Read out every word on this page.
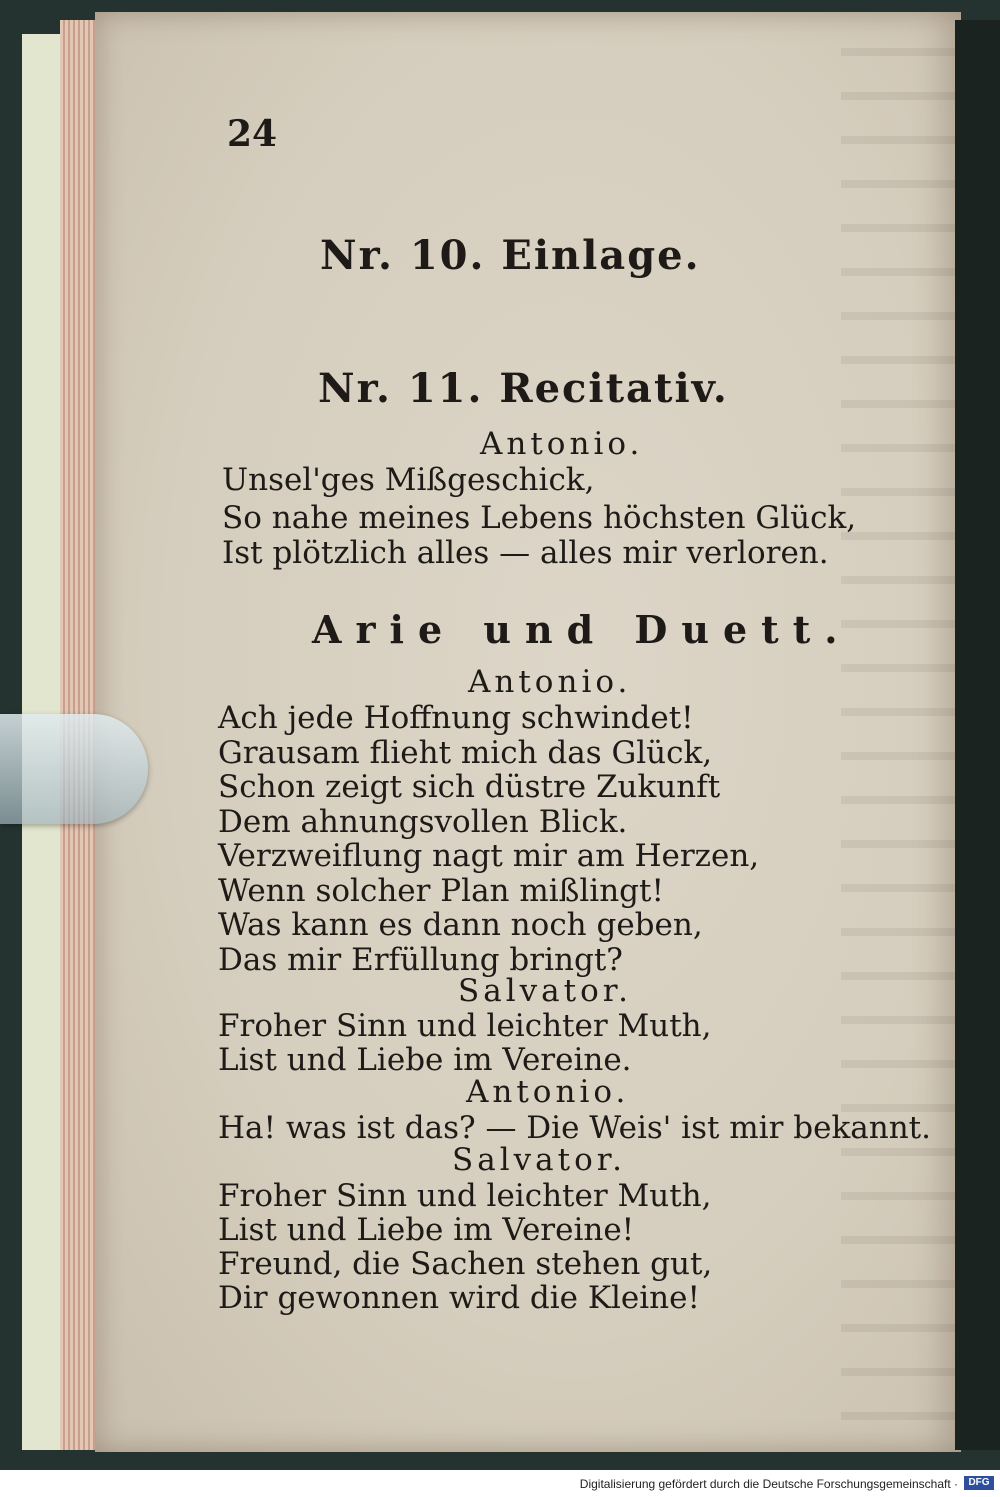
24
Nr. 10. Einlage.
Nr. 11. Recitativ.
Antonio.
Unsel'ges Mißgeschick,
So nahe meines Lebens höchsten Glück,
Ist plötzlich alles — alles mir verloren.
Arie und Duett.
Antonio.
Ach jede Hoffnung schwindet!
Grausam flieht mich das Glück,
Schon zeigt sich düstre Zukunft
Dem ahnungsvollen Blick.
Verzweiflung nagt mir am Herzen,
Wenn solcher Plan mißlingt!
Was kann es dann noch geben,
Das mir Erfüllung bringt?
Salvator.
Froher Sinn und leichter Muth,
List und Liebe im Vereine.
Antonio.
Ha! was ist das? — Die Weis' ist mir bekannt.
Salvator.
Froher Sinn und leichter Muth,
List und Liebe im Vereine!
Freund, die Sachen stehen gut,
Dir gewonnen wird die Kleine!
Digitalisierung gefördert durch die Deutsche Forschungsgemeinschaft ·	DFG
